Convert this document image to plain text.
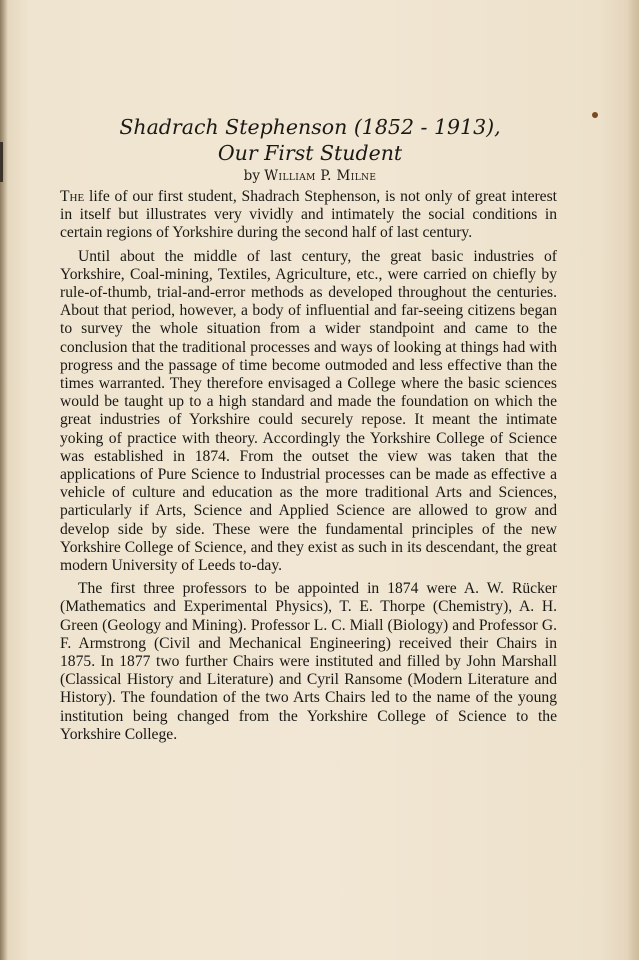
Shadrach Stephenson (1852 - 1913),
Our First Student
by William P. Milne

The life of our first student, Shadrach Stephenson, is not only of great interest in itself but illustrates very vividly and intimately the social conditions in certain regions of Yorkshire during the second half of last century.

Until about the middle of last century, the great basic industries of Yorkshire, Coal-mining, Textiles, Agriculture, etc., were carried on chiefly by rule-of-thumb, trial-and-error methods as developed throughout the centuries. About that period, however, a body of influential and far-seeing citizens began to survey the whole situation from a wider standpoint and came to the conclusion that the traditional processes and ways of looking at things had with progress and the passage of time become outmoded and less effective than the times warranted. They therefore envisaged a College where the basic sciences would be taught up to a high standard and made the foundation on which the great industries of Yorkshire could securely repose. It meant the intimate yoking of practice with theory. Accordingly the Yorkshire College of Science was established in 1874. From the outset the view was taken that the applications of Pure Science to Industrial processes can be made as effective a vehicle of culture and education as the more traditional Arts and Sciences, particularly if Arts, Science and Applied Science are allowed to grow and develop side by side. These were the fundamental principles of the new Yorkshire College of Science, and they exist as such in its descendant, the great modern University of Leeds to-day.

The first three professors to be appointed in 1874 were A. W. Rücker (Mathematics and Experimental Physics), T. E. Thorpe (Chemistry), A. H. Green (Geology and Mining). Professor L. C. Miall (Biology) and Professor G. F. Armstrong (Civil and Mechanical Engineering) received their Chairs in 1875. In 1877 two further Chairs were instituted and filled by John Marshall (Classical History and Literature) and Cyril Ransome (Modern Literature and History). The foundation of the two Arts Chairs led to the name of the young institution being changed from the Yorkshire College of Science to the Yorkshire College.
